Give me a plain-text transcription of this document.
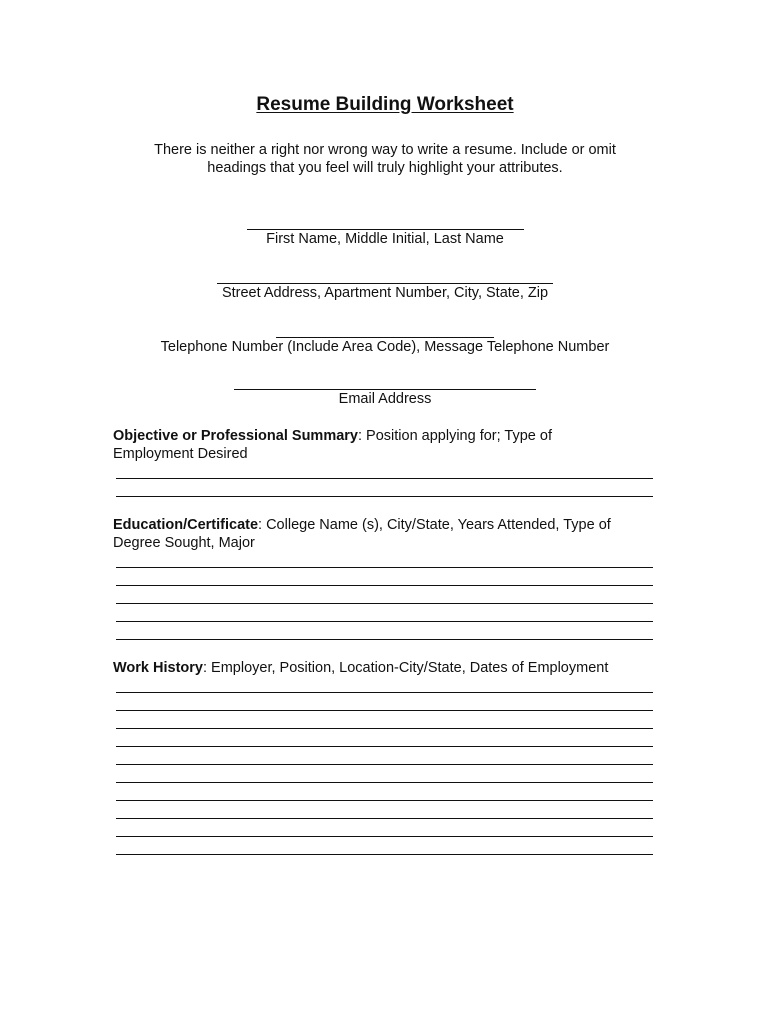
Resume Building Worksheet
There is neither a right nor wrong way to write a resume. Include or omit
headings that you feel will truly highlight your attributes.
First Name, Middle Initial, Last Name
Street Address, Apartment Number, City, State, Zip
Telephone Number (Include Area Code), Message Telephone Number
Email Address
Objective or Professional Summary: Position applying for; Type of
Employment Desired
Education/Certificate: College Name (s), City/State, Years Attended, Type of
Degree Sought, Major
Work History: Employer, Position, Location-City/State, Dates of Employment
